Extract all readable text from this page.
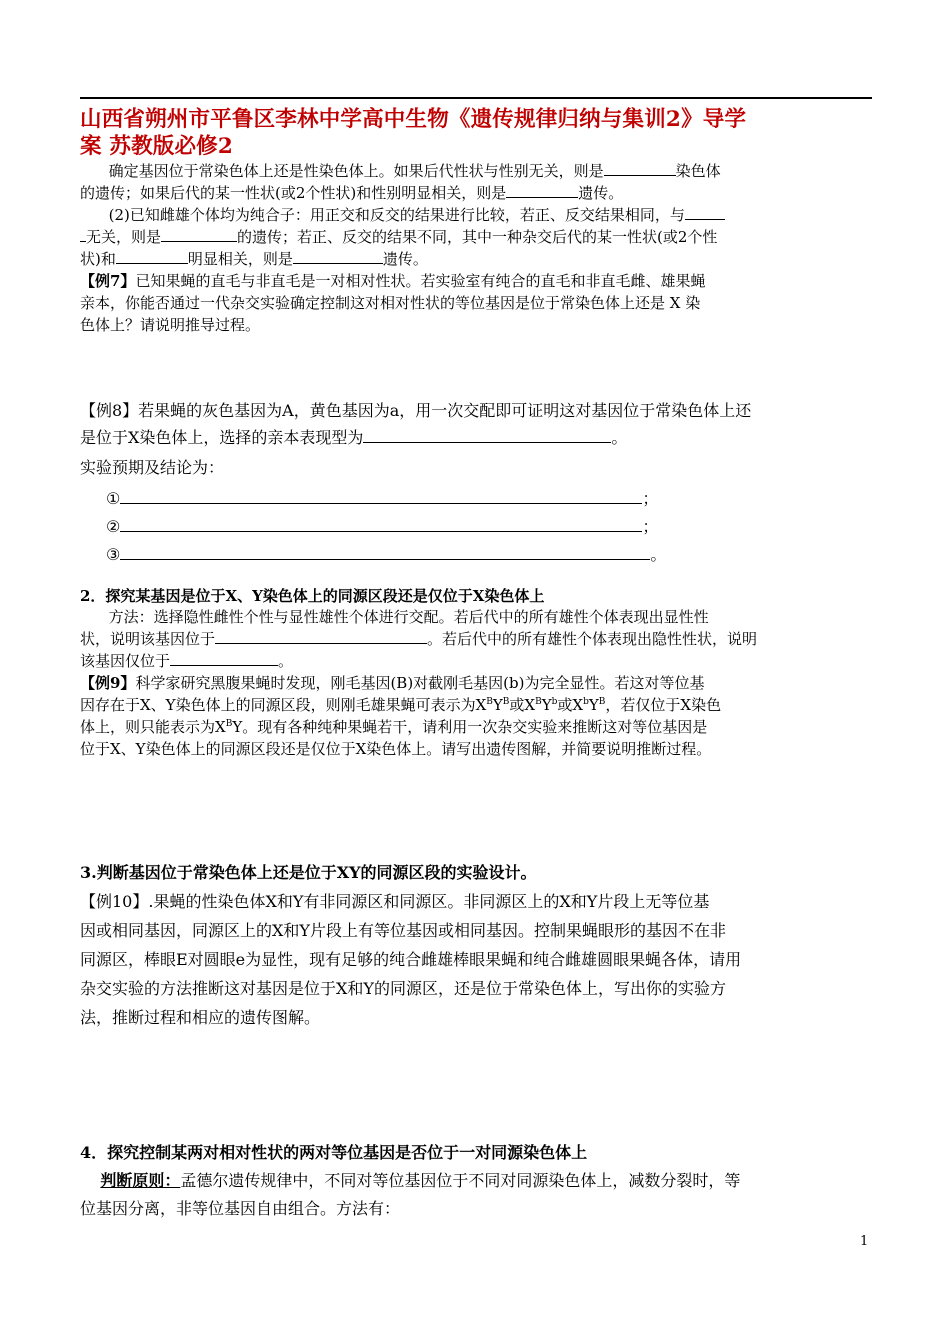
山西省朔州市平鲁区李林中学高中生物《遗传规律归纳与集训2》导学
案 苏教版必修2
确定基因位于常染色体上还是性染色体上。如果后代性状与性别无关，则是	染色体
的遗传；如果后代的某一性状(或2个性状)和性别明显相关，则是	遗传。
(2)已知雌雄个体均为纯合子：用正交和反交的结果进行比较，若正、反交结果相同，与
无关，则是	的遗传；若正、反交的结果不同，其中一种杂交后代的某一性状(或2个性
状)和	明显相关，则是	遗传。
【例7】已知果蝇的直毛与非直毛是一对相对性状。若实验室有纯合的直毛和非直毛雌、雄果蝇
亲本，你能否通过一代杂交实验确定控制这对相对性状的等位基因是位于常染色体上还是 X 染
色体上？请说明推导过程。
【例8】若果蝇的灰色基因为A，黄色基因为a，用一次交配即可证明这对基因位于常染色体上还
是位于X染色体上，选择的亲本表现型为	。
实验预期及结论为：
①	；
②	；
③	。
2．探究某基因是位于X、Y染色体上的同源区段还是仅位于X染色体上
方法：选择隐性雌性个性与显性雄性个体进行交配。若后代中的所有雄性个体表现出显性性
状，说明该基因位于	。若后代中的所有雄性个体表现出隐性性状，说明
该基因仅位于	。
【例9】科学家研究黑腹果蝇时发现，刚毛基因(B)对截刚毛基因(b)为完全显性。若这对等位基
因存在于X、Y染色体上的同源区段，则刚毛雄果蝇可表示为$X^BY^B$或$X^BY^b$或$X^bY^B$，若仅位于X染色
体上，则只能表示为$X^BY$。现有各种纯种果蝇若干，请利用一次杂交实验来推断这对等位基因是
位于X、Y染色体上的同源区段还是仅位于X染色体上。请写出遗传图解，并简要说明推断过程。
3.判断基因位于常染色体上还是位于XY的同源区段的实验设计。
【例10】.果蝇的性染色体X和Y有非同源区和同源区。非同源区上的X和Y片段上无等位基
因或相同基因，同源区上的X和Y片段上有等位基因或相同基因。控制果蝇眼形的基因不在非
同源区，棒眼E对圆眼e为显性，现有足够的纯合雌雄棒眼果蝇和纯合雌雄圆眼果蝇各体，请用
杂交实验的方法推断这对基因是位于X和Y的同源区，还是位于常染色体上，写出你的实验方
法，推断过程和相应的遗传图解。
4．探究控制某两对相对性状的两对等位基因是否位于一对同源染色体上
判断原则：孟德尔遗传规律中，不同对等位基因位于不同对同源染色体上，减数分裂时，等
位基因分离，非等位基因自由组合。方法有：
1
